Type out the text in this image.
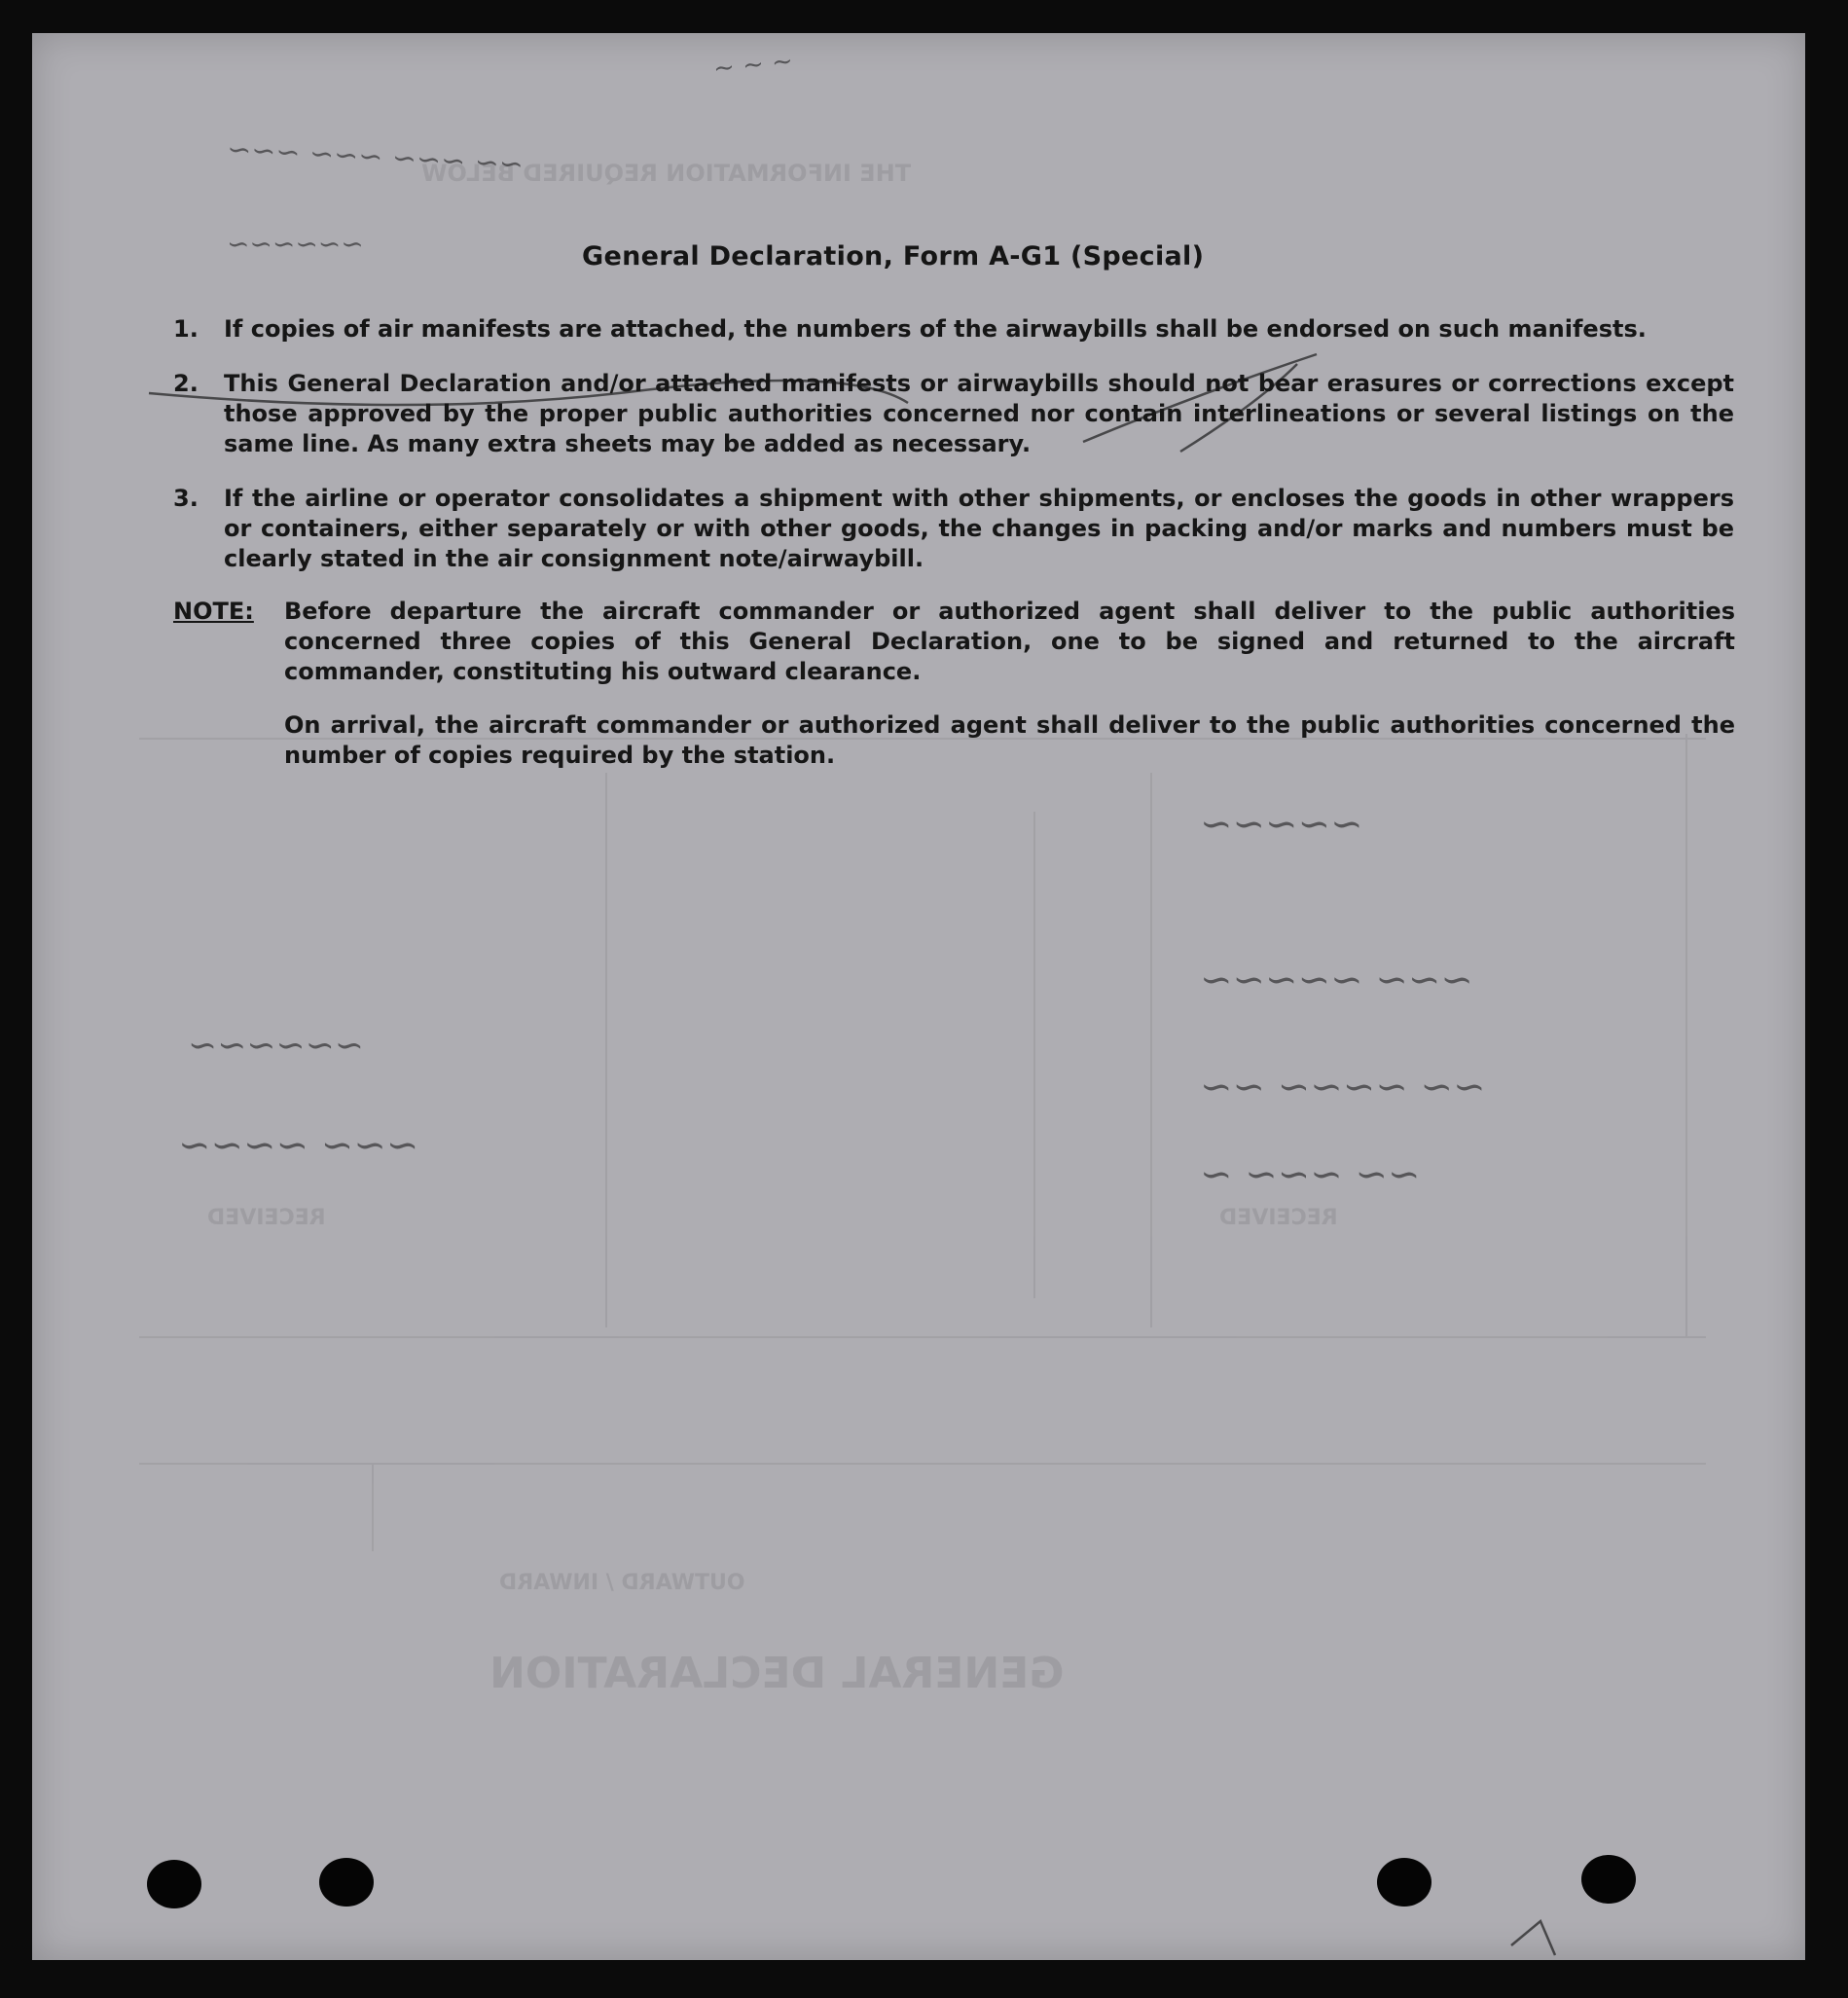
GENERAL DECLARATION
OUTWARD / INWARD
THE INFORMATION REQUIRED BELOW
RECEIVED
RECEIVED
~ ~ ~
~~ ~~~ ~~~ ~~~
~~~~~~
~~~~~~
~~~ ~~~~
~~~~~
~~~ ~~~~~
~~ ~~~~ ~~
~~ ~~~ ~
General Declaration, Form A-G1 (Special)
1.	If copies of air manifests are attached, the numbers of the airwaybills shall be endorsed on such manifests.
2.	This General Declaration and/or attached manifests or airwaybills should not bear erasures or corrections except those approved by the proper public authorities concerned nor contain interlineations or several listings on the same line. As many extra sheets may be added as necessary.
3.	If the airline or operator consolidates a shipment with other shipments, or encloses the goods in other wrappers or containers, either separately or with other goods, the changes in packing and/or marks and numbers must be clearly stated in the air consignment note/airwaybill.
NOTE: Before departure the aircraft commander or authorized agent shall deliver to the public authorities concerned three copies of this General Declaration, one to be signed and returned to the aircraft commander, constituting his outward clearance.
On arrival, the aircraft commander or authorized agent shall deliver to the public authorities concerned the number of copies required by the station.
